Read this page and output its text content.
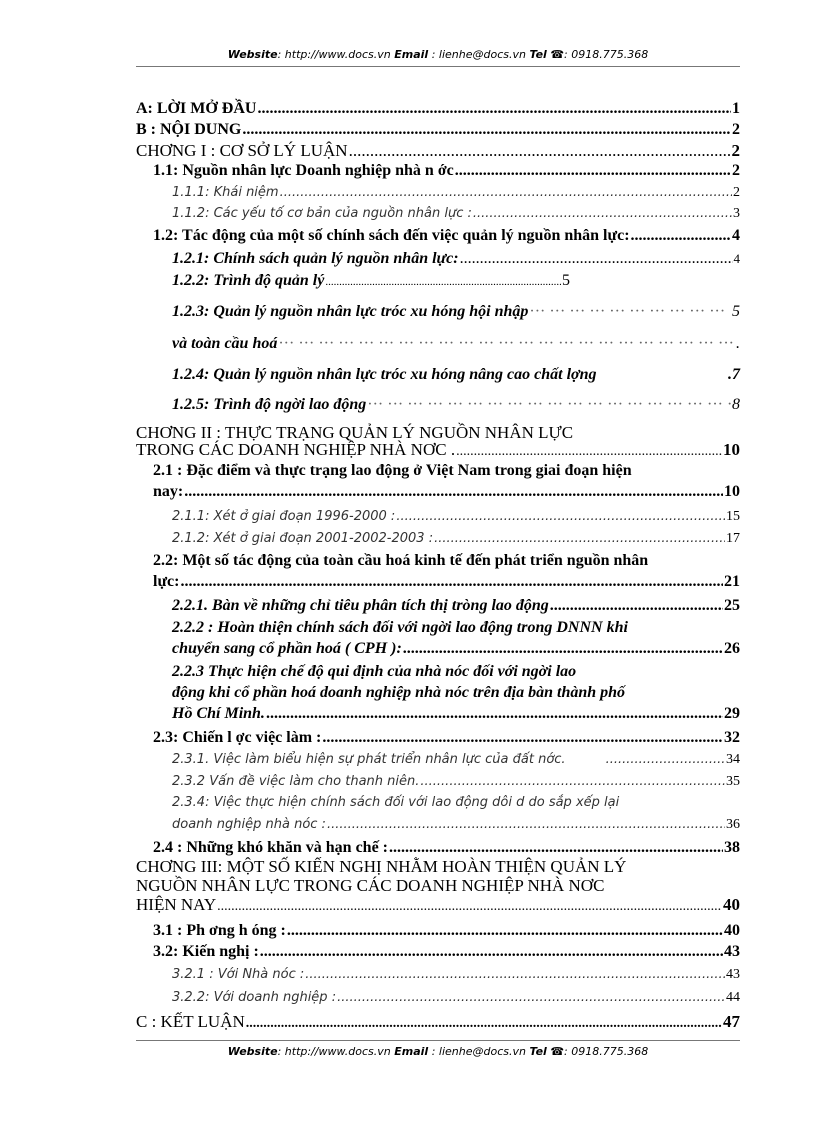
Website: http://www.docs.vn Email : lienhe@docs.vn Tel ☎: 0918.775.368
A: LỜI MỞ ĐẦU .....	1
B : NỘI DUNG .....	2
CHƠNG I : CƠ SỞ LÝ LUẬN .....	2
1.1: Nguồn nhân lực Doanh nghiệp nhà n ớc .....	2
1.1.1: Khái niệm .....	2
1.1.2: Các yếu tố cơ bản của nguồn nhân lực : .....	3
1.2: Tác động của một số chính sách đến việc quản lý nguồn nhân lực: .....	4
1.2.1: Chính sách quản lý nguồn nhân lực: .....	4
1.2.2: Trình độ quản lý .....	5
1.2.3: Quản lý nguồn nhân lực tróc xu hóng hội nhập ··· ·	5
và toàn cầu hoá ··· ·	.
1.2.4: Quản lý nguồn nhân lực tróc xu hóng nâng cao chất lợng	.7
1.2.5: Trình độ ngời lao động ··· ·	8
CHƠNG II : THỰC TRẠNG QUẢN LÝ NGUỒN NHÂN LỰC
TRONG CÁC DOANH NGHIỆP NHÀ NƠC . .....	10
2.1 : Đặc điểm và thực trạng lao động ở Việt Nam trong giai đoạn hiện
nay: .....	10
2.1.1: Xét ở giai đoạn 1996-2000 : .....	15
2.1.2: Xét ở giai đoạn 2001-2002-2003 : .....	17
2.2: Một số tác động của toàn cầu hoá kinh tế đến phát triển nguồn nhân
lực: .....	21
2.2.1. Bàn về những chỉ tiêu phân tích thị tròng lao động .....	25
2.2.2 : Hoàn thiện chính sách đối với ngời lao động trong DNNN khi
chuyển sang cổ phần hoá ( CPH ): .....	26
2.2.3 Thực hiện chế độ qui định của nhà nóc đối với ngời lao
động khi cổ phần hoá doanh nghiệp nhà nóc trên địa bàn thành phố
Hồ Chí Minh. .....	29
2.3: Chiến l ợc việc làm : .....	32
2.3.1. Việc làm biểu hiện sự phát triển nhân lực của đất nớc. .....	34
2.3.2 Vấn đề việc làm cho thanh niên. .....	35
2.3.4: Việc thực hiện chính sách đối với lao động dôi d do sắp xếp lại
doanh nghiệp nhà nóc : .....	36
2.4 : Những khó khăn và hạn chế : .....	38
CHƠNG III: MỘT SỐ KIẾN NGHỊ NHẰM HOÀN THIỆN QUẢN LÝ
NGUỒN NHÂN LỰC TRONG CÁC DOANH NGHIỆP NHÀ NƠC
HIỆN NAY .....	40
3.1 : Ph ơng h óng : .....	40
3.2: Kiến nghị : .....	43
3.2.1 : Với Nhà nóc : .....	43
3.2.2: Với doanh nghiệp : .....	44
C : KẾT LUẬN .....	47
Website: http://www.docs.vn Email : lienhe@docs.vn Tel ☎: 0918.775.368
